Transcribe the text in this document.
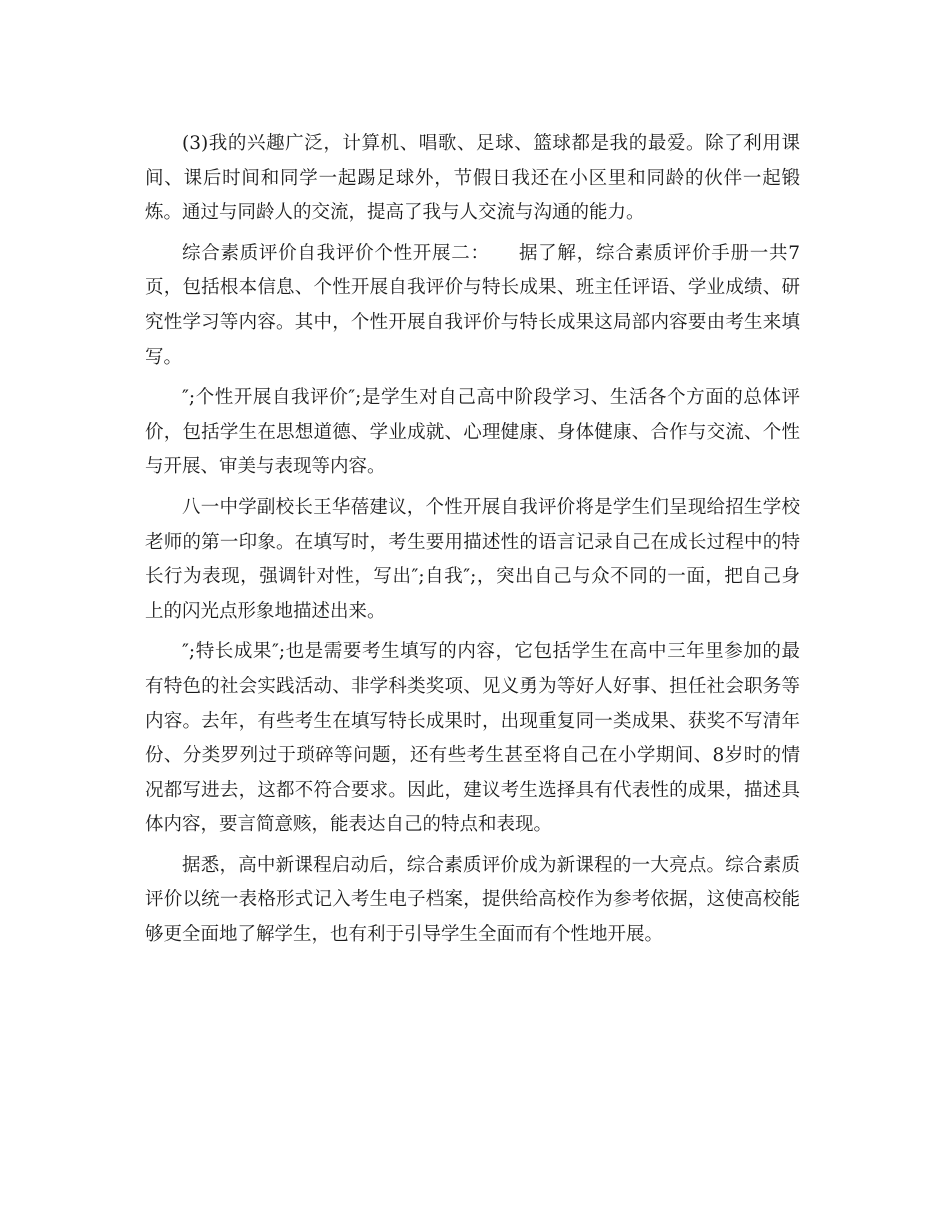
(3)我的兴趣广泛，计算机、唱歌、足球、篮球都是我的最爱。除了利用课间、课后时间和同学一起踢足球外，节假日我还在小区里和同龄的伙伴一起锻炼。通过与同龄人的交流，提高了我与人交流与沟通的能力。

综合素质评价自我评价个性开展二：　　据了解，综合素质评价手册一共7页，包括根本信息、个性开展自我评价与特长成果、班主任评语、学业成绩、研究性学习等内容。其中，个性开展自我评价与特长成果这局部内容要由考生来填写。

″;个性开展自我评价″;是学生对自己高中阶段学习、生活各个方面的总体评价，包括学生在思想道德、学业成就、心理健康、身体健康、合作与交流、个性与开展、审美与表现等内容。

八一中学副校长王华蓓建议，个性开展自我评价将是学生们呈现给招生学校老师的第一印象。在填写时，考生要用描述性的语言记录自己在成长过程中的特长行为表现，强调针对性，写出″;自我″;，突出自己与众不同的一面，把自己身上的闪光点形象地描述出来。

″;特长成果″;也是需要考生填写的内容，它包括学生在高中三年里参加的最有特色的社会实践活动、非学科类奖项、见义勇为等好人好事、担任社会职务等内容。去年，有些考生在填写特长成果时，出现重复同一类成果、获奖不写清年份、分类罗列过于琐碎等问题，还有些考生甚至将自己在小学期间、8岁时的情况都写进去，这都不符合要求。因此，建议考生选择具有代表性的成果，描述具体内容，要言简意赅，能表达自己的特点和表现。

据悉，高中新课程启动后，综合素质评价成为新课程的一大亮点。综合素质评价以统一表格形式记入考生电子档案，提供给高校作为参考依据，这使高校能够更全面地了解学生，也有利于引导学生全面而有个性地开展。
